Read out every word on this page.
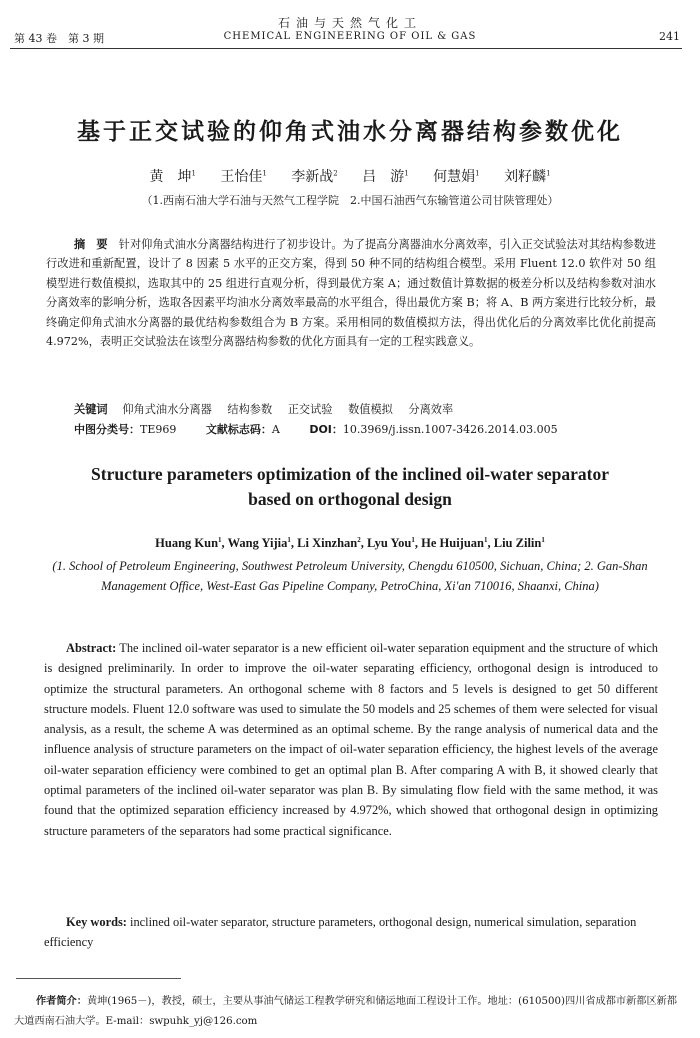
石油与天然气化工
第 43 卷　第 3 期	CHEMICAL ENGINEERING OF OIL & GAS	241
基于正交试验的仰角式油水分离器结构参数优化
黄　坤$^1$ 王怡佳$^1$ 李新战$^2$ 吕　游$^1$ 何慧娟$^1$ 刘籽麟$^1$
（1.西南石油大学石油与天然气工程学院　2.中国石油西气东输管道公司甘陕管理处）

摘　要　 针对仰角式油水分离器结构进行了初步设计。为了提高分离器油水分离效率，引入正交试验法对其结构参数进行改进和重新配置，设计了 8 因素 5 水平的正交方案，得到 50 种不同的结构组合模型。采用 Fluent 12.0 软件对 50 组模型进行数值模拟，选取其中的 25 组进行直观分析，得到最优方案 A；通过数值计算数据的极差分析以及结构参数对油水分离效率的影响分析，选取各因素平均油水分离效率最高的水平组合，得出最优方案 B；将 A、B 两方案进行比较分析，最终确定仰角式油水分离器的最优结构参数组合为 B 方案。采用相同的数值模拟方法，得出优化后的分离效率比优化前提高 4.972%，表明正交试验法在该型分离器结构参数的优化方面具有一定的工程实践意义。

关键词　 仰角式油水分离器 结构参数 正交试验 数值模拟 分离效率
中图分类号：TE969	文献标志码：A	DOI：10.3969/j.issn.1007-3426.2014.03.005
Structure parameters optimization of the inclined oil-water separator
based on orthogonal design
Huang Kun$^1$, Wang Yijia$^1$, Li Xinzhan$^2$, Lyu You$^1$, He Huijuan$^1$, Liu Zilin$^1$
(1. School of Petroleum Engineering, Southwest Petroleum University, Chengdu 610500, Sichuan, China; 2. Gan-Shan Management Office, West-East Gas Pipeline Company, PetroChina, Xi'an 710016, Shaanxi, China)

Abstract: The inclined oil-water separator is a new efficient oil-water separation equipment and the structure of which is designed preliminarily. In order to improve the oil-water separating efficiency, orthogonal design is introduced to optimize the structural parameters. An orthogonal scheme with 8 factors and 5 levels is designed to get 50 different structure models. Fluent 12.0 software was used to simulate the 50 models and 25 schemes of them were selected for visual analysis, as a result, the scheme A was determined as an optimal scheme. By the range analysis of numerical data and the influence analysis of structure parameters on the impact of oil-water separation efficiency, the highest levels of the average oil-water separation efficiency were combined to get an optimal plan B. After comparing A with B, it showed clearly that optimal parameters of the inclined oil-water separator was plan B. By simulating flow field with the same method, it was found that the optimized separation efficiency increased by 4.972%, which showed that orthogonal design in optimizing structure parameters of the separators had some practical significance.

Key words: inclined oil-water separator, structure parameters, orthogonal design, numerical simulation, separation efficiency

作者简介：黄坤(1965－)，教授，硕士，主要从事油气储运工程教学研究和储运地面工程设计工作。地址：(610500)四川省成都市新都区新都大道西南石油大学。E-mail：swpuhk_yj@126.com
